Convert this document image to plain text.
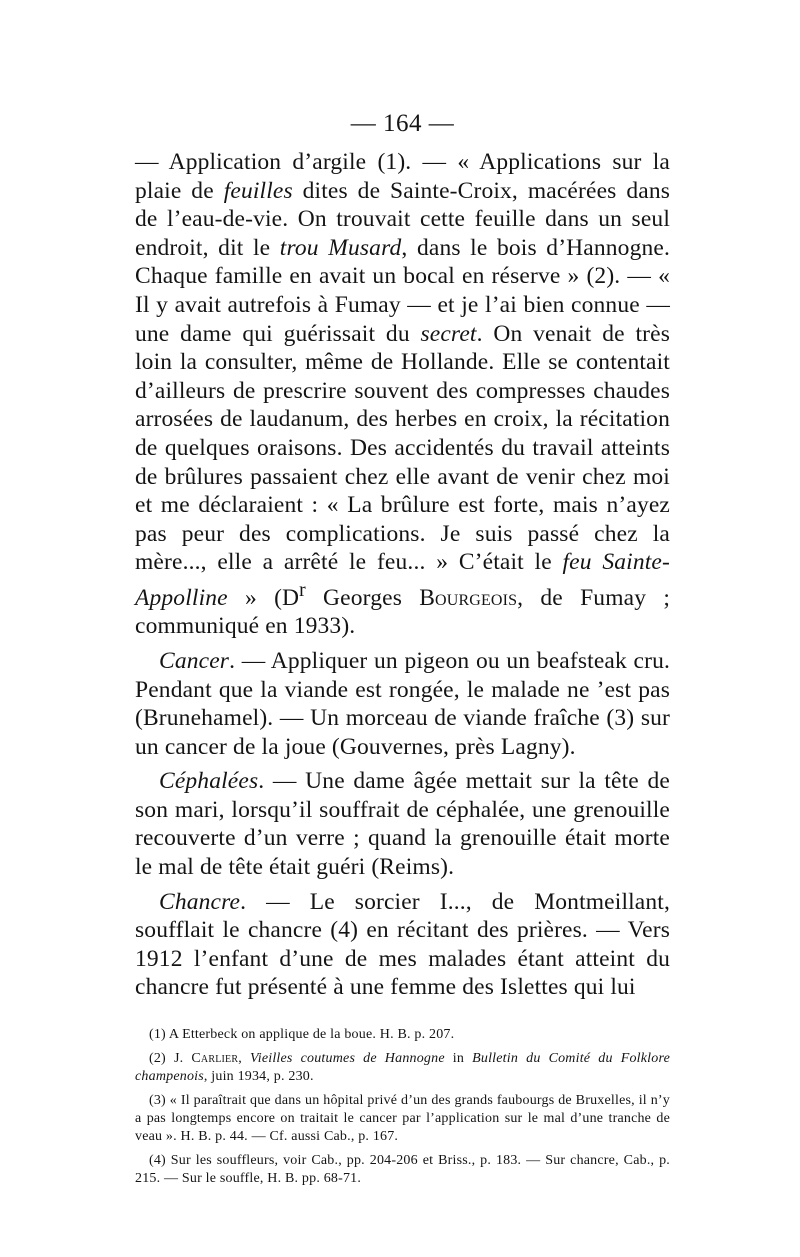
— 164 —

— Application d’argile (1). — « Applications sur la plaie de feuilles dites de Sainte-Croix, macérées dans de l’eau-de-vie. On trouvait cette feuille dans un seul endroit, dit le trou Musard, dans le bois d’Hannogne. Chaque famille en avait un bocal en réserve » (2). — « Il y avait autrefois à Fumay — et je l’ai bien connue — une dame qui guérissait du secret. On venait de très loin la consulter, même de Hollande. Elle se contentait d’ailleurs de prescrire souvent des compresses chaudes arrosées de laudanum, des herbes en croix, la récitation de quelques oraisons. Des accidentés du travail atteints de brûlures passaient chez elle avant de venir chez moi et me déclaraient : « La brûlure est forte, mais n’ayez pas peur des complications. Je suis passé chez la mère..., elle a arrêté le feu... » C’était le feu Sainte-Appolline » ($D^r$ Georges Bourgeois, de Fumay ; communiqué en 1933).

Cancer. — Appliquer un pigeon ou un beafsteak cru. Pendant que la viande est rongée, le malade ne ’est pas (Brunehamel). — Un morceau de viande fraîche (3) sur un cancer de la joue (Gouvernes, près Lagny).

Céphalées. — Une dame âgée mettait sur la tête de son mari, lorsqu’il souffrait de céphalée, une grenouille recouverte d’un verre ; quand la grenouille était morte le mal de tête était guéri (Reims).

Chancre. — Le sorcier I..., de Montmeillant, soufflait le chancre (4) en récitant des prières. — Vers 1912 l’enfant d’une de mes malades étant atteint du chancre fut présenté à une femme des Islettes qui lui

(1) A Etterbeck on applique de la boue. H. B. p. 207.

(2) J. Carlier, Vieilles coutumes de Hannogne in Bulletin du Comité du Folklore champenois, juin 1934, p. 230.

(3) « Il paraîtrait que dans un hôpital privé d’un des grands faubourgs de Bruxelles, il n’y a pas longtemps encore on traitait le cancer par l’application sur le mal d’une tranche de veau ». H. B. p. 44. — Cf. aussi Cab., p. 167.

(4) Sur les souffleurs, voir Cab., pp. 204-206 et Briss., p. 183. — Sur chancre, Cab., p. 215. — Sur le souffle, H. B. pp. 68-71.
